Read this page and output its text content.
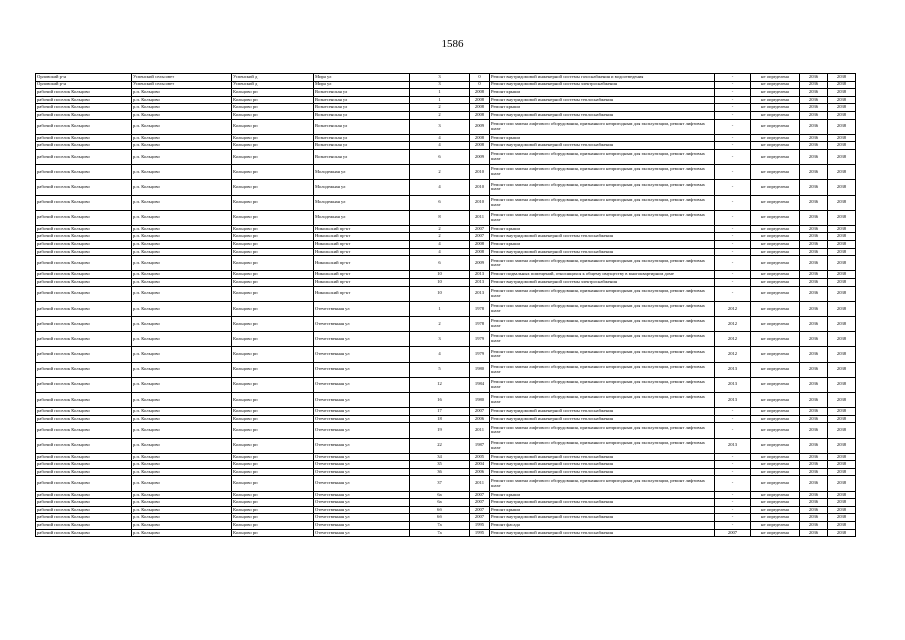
1586
Орловский р-н	Успенский сельсовет	Успенский д	Мира ул	3	0	Ремонт внутридомовой инженерной системы газоснабжения и водоотведения	-	не определена	2036	2038
Орловский р-н	Успенский сельсовет	Успенский д	Мира ул	3	0	Ремонт внутридомовой инженерной системы электроснабжения	-	не определена	2036	2038
рабочий поселок Кольцово	р.п. Кольцово	Кольцово рп	Вознесенская ул	1	2008	Ремонт крыши	-	не определена	2036	2038
рабочий поселок Кольцово	р.п. Кольцово	Кольцово рп	Вознесенская ул	1	2008	Ремонт внутридомовой инженерной системы теплоснабжения	-	не определена	2036	2038
рабочий поселок Кольцово	р.п. Кольцово	Кольцово рп	Вознесенская ул	2	2008	Ремонт крыши	-	не определена	2036	2038
рабочий поселок Кольцово	р.п. Кольцово	Кольцово рп	Вознесенская ул	2	2008	Ремонт внутридомовой инженерной системы теплоснабжения	-	не определена	2036	2038
рабочий поселок Кольцово	р.п. Кольцово	Кольцово рп	Вознесенская ул	3	2009	Ремонт или замена лифтового оборудования, признанного непригодным для эксплуатации, ремонт лифтовых шахт	-	не определена	2036	2038
рабочий поселок Кольцово	р.п. Кольцово	Кольцово рп	Вознесенская ул	4	2008	Ремонт крыши	-	не определена	2036	2038
рабочий поселок Кольцово	р.п. Кольцово	Кольцово рп	Вознесенская ул	4	2008	Ремонт внутридомовой инженерной системы теплоснабжения	-	не определена	2036	2038
рабочий поселок Кольцово	р.п. Кольцово	Кольцово рп	Вознесенская ул	6	2009	Ремонт или замена лифтового оборудования, признанного непригодным для эксплуатации, ремонт лифтовых шахт	-	не определена	2036	2038
рабочий поселок Кольцово	р.п. Кольцово	Кольцово рп	Молодежная ул	2	2010	Ремонт или замена лифтового оборудования, признанного непригодным для эксплуатации, ремонт лифтовых шахт	-	не определена	2036	2038
рабочий поселок Кольцово	р.п. Кольцово	Кольцово рп	Молодежная ул	4	2010	Ремонт или замена лифтового оборудования, признанного непригодным для эксплуатации, ремонт лифтовых шахт	-	не определена	2036	2038
рабочий поселок Кольцово	р.п. Кольцово	Кольцово рп	Молодежная ул	6	2010	Ремонт или замена лифтового оборудования, признанного непригодным для эксплуатации, ремонт лифтовых шахт	-	не определена	2036	2038
рабочий поселок Кольцово	р.п. Кольцово	Кольцово рп	Молодежная ул	8	2011	Ремонт или замена лифтового оборудования, признанного непригодным для эксплуатации, ремонт лифтовых шахт	-	не определена	2036	2038
рабочий поселок Кольцово	р.п. Кольцово	Кольцово рп	Никольский пр-кт	2	2007	Ремонт крыши	-	не определена	2036	2038
рабочий поселок Кольцово	р.п. Кольцово	Кольцово рп	Никольский пр-кт	2	2007	Ремонт внутридомовой инженерной системы теплоснабжения	-	не определена	2036	2038
рабочий поселок Кольцово	р.п. Кольцово	Кольцово рп	Никольский пр-кт	4	2008	Ремонт крыши	-	не определена	2036	2038
рабочий поселок Кольцово	р.п. Кольцово	Кольцово рп	Никольский пр-кт	4	2008	Ремонт внутридомовой инженерной системы теплоснабжения	-	не определена	2036	2038
рабочий поселок Кольцово	р.п. Кольцово	Кольцово рп	Никольский пр-кт	6	2009	Ремонт или замена лифтового оборудования, признанного непригодным для эксплуатации, ремонт лифтовых шахт	-	не определена	2036	2038
рабочий поселок Кольцово	р.п. Кольцово	Кольцово рп	Никольский пр-кт	10	2013	Ремонт подвальных помещений, относящихся к общему имуществу в многоквартирном доме	-	не определена	2036	2038
рабочий поселок Кольцово	р.п. Кольцово	Кольцово рп	Никольский пр-кт	10	2013	Ремонт внутридомовой инженерной системы электроснабжения	-	не определена	2036	2038
рабочий поселок Кольцово	р.п. Кольцово	Кольцово рп	Никольский пр-кт	10	2013	Ремонт или замена лифтового оборудования, признанного непригодным для эксплуатации, ремонт лифтовых шахт	-	не определена	2036	2038
рабочий поселок Кольцово	р.п. Кольцово	Кольцово рп	Отечественная ул	1	1978	Ремонт или замена лифтового оборудования, признанного непригодным для эксплуатации, ремонт лифтовых шахт	2012	не определена	2036	2038
рабочий поселок Кольцово	р.п. Кольцово	Кольцово рп	Отечественная ул	2	1978	Ремонт или замена лифтового оборудования, признанного непригодным для эксплуатации, ремонт лифтовых шахт	2012	не определена	2036	2038
рабочий поселок Кольцово	р.п. Кольцово	Кольцово рп	Отечественная ул	3	1979	Ремонт или замена лифтового оборудования, признанного непригодным для эксплуатации, ремонт лифтовых шахт	2012	не определена	2036	2038
рабочий поселок Кольцово	р.п. Кольцово	Кольцово рп	Отечественная ул	4	1979	Ремонт или замена лифтового оборудования, признанного непригодным для эксплуатации, ремонт лифтовых шахт	2012	не определена	2036	2038
рабочий поселок Кольцово	р.п. Кольцово	Кольцово рп	Отечественная ул	5	1980	Ремонт или замена лифтового оборудования, признанного непригодным для эксплуатации, ремонт лифтовых шахт	2013	не определена	2036	2038
рабочий поселок Кольцово	р.п. Кольцово	Кольцово рп	Отечественная ул	12	1984	Ремонт или замена лифтового оборудования, признанного непригодным для эксплуатации, ремонт лифтовых шахт	2013	не определена	2036	2038
рабочий поселок Кольцово	р.п. Кольцово	Кольцово рп	Отечественная ул	16	1980	Ремонт или замена лифтового оборудования, признанного непригодным для эксплуатации, ремонт лифтовых шахт	2013	не определена	2036	2038
рабочий поселок Кольцово	р.п. Кольцово	Кольцово рп	Отечественная ул	17	2007	Ремонт внутридомовой инженерной системы теплоснабжения	-	не определена	2036	2038
рабочий поселок Кольцово	р.п. Кольцово	Кольцово рп	Отечественная ул	18	2006	Ремонт внутридомовой инженерной системы теплоснабжения	-	не определена	2036	2038
рабочий поселок Кольцово	р.п. Кольцово	Кольцово рп	Отечественная ул	19	2011	Ремонт или замена лифтового оборудования, признанного непригодным для эксплуатации, ремонт лифтовых шахт	-	не определена	2036	2038
рабочий поселок Кольцово	р.п. Кольцово	Кольцово рп	Отечественная ул	22	1987	Ремонт или замена лифтового оборудования, признанного непригодным для эксплуатации, ремонт лифтовых шахт	2013	не определена	2036	2038
рабочий поселок Кольцово	р.п. Кольцово	Кольцово рп	Отечественная ул	34	2005	Ремонт внутридомовой инженерной системы теплоснабжения	-	не определена	2036	2038
рабочий поселок Кольцово	р.п. Кольцово	Кольцово рп	Отечественная ул	35	2004	Ремонт внутридомовой инженерной системы теплоснабжения	-	не определена	2036	2038
рабочий поселок Кольцово	р.п. Кольцово	Кольцово рп	Отечественная ул	36	2006	Ремонт внутридомовой инженерной системы теплоснабжения	-	не определена	2036	2038
рабочий поселок Кольцово	р.п. Кольцово	Кольцово рп	Отечественная ул	37	2011	Ремонт или замена лифтового оборудования, признанного непригодным для эксплуатации, ремонт лифтовых шахт	-	не определена	2036	2038
рабочий поселок Кольцово	р.п. Кольцово	Кольцово рп	Отечественная ул	6а	2007	Ремонт крыши	-	не определена	2036	2038
рабочий поселок Кольцово	р.п. Кольцово	Кольцово рп	Отечественная ул	6а	2007	Ремонт внутридомовой инженерной системы теплоснабжения	-	не определена	2036	2038
рабочий поселок Кольцово	р.п. Кольцово	Кольцово рп	Отечественная ул	6б	2007	Ремонт крыши	-	не определена	2036	2038
рабочий поселок Кольцово	р.п. Кольцово	Кольцово рп	Отечественная ул	6б	2007	Ремонт внутридомовой инженерной системы теплоснабжения	-	не определена	2036	2038
рабочий поселок Кольцово	р.п. Кольцово	Кольцово рп	Отечественная ул	7а	1995	Ремонт фасада	-	не определена	2036	2038
рабочий поселок Кольцово	р.п. Кольцово	Кольцово рп	Отечественная ул	7а	1995	Ремонт внутридомовой инженерной системы теплоснабжения	2007	не определена	2036	2038
